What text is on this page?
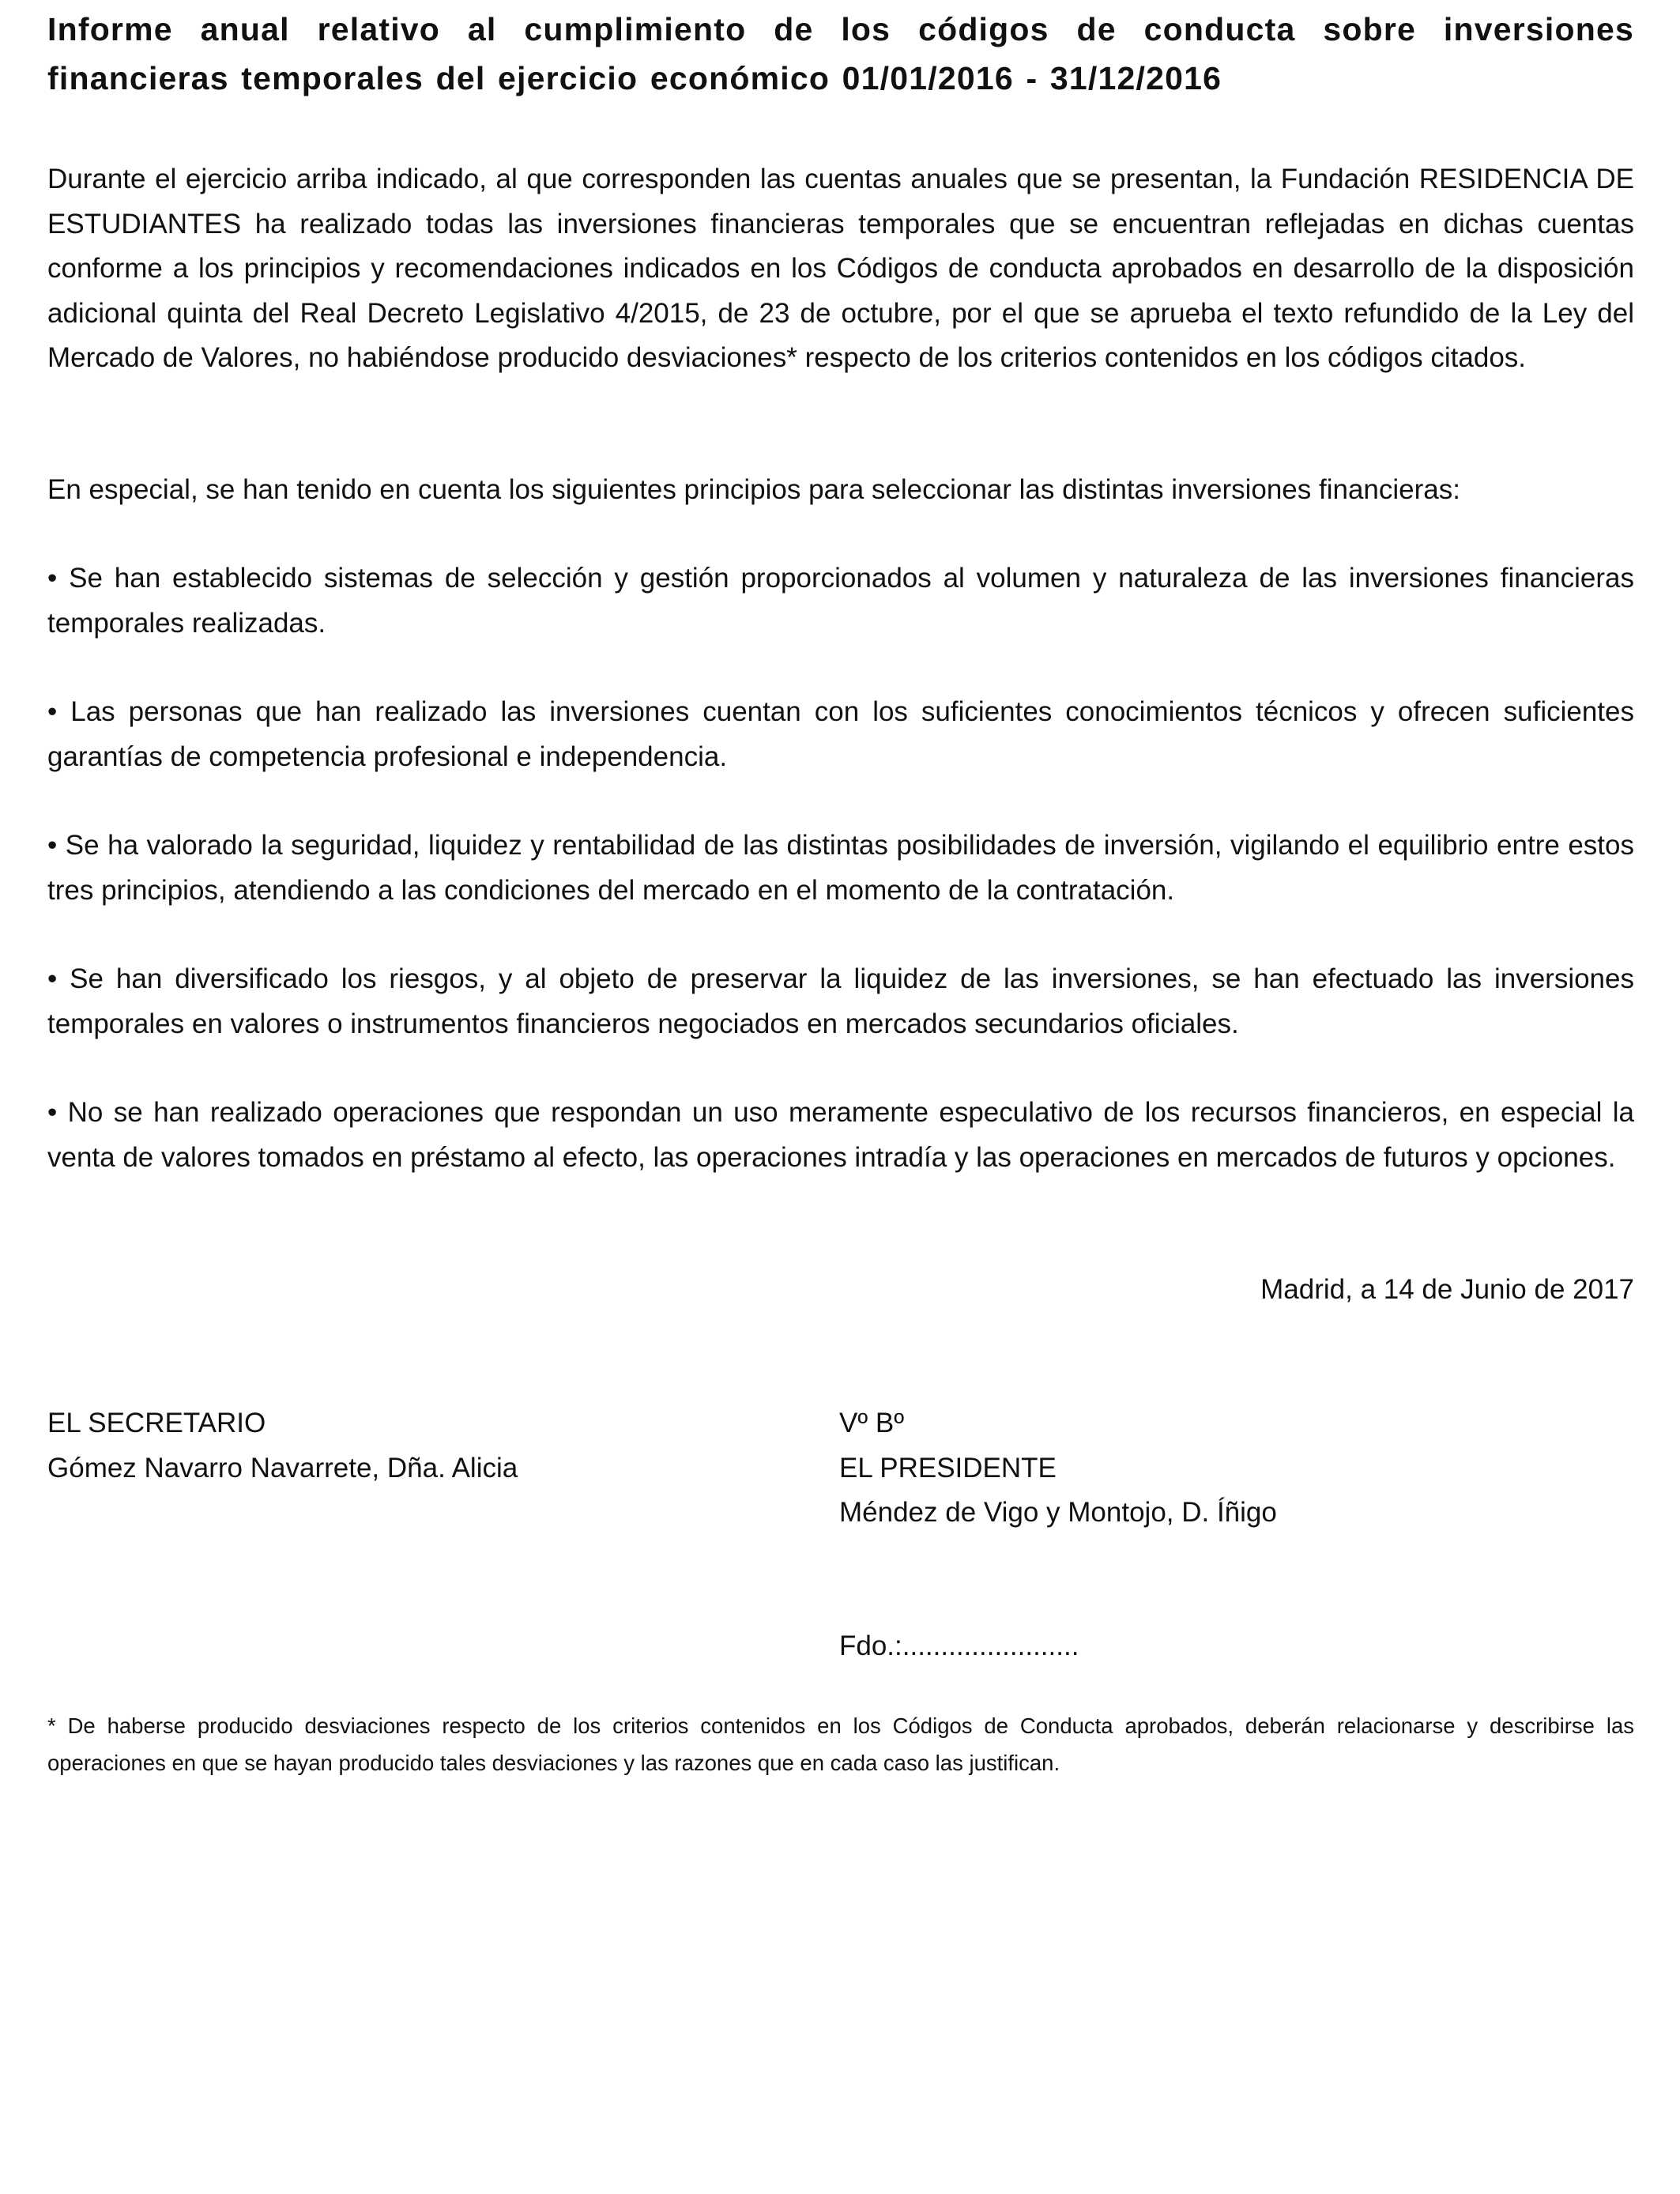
Informe anual relativo al cumplimiento de los códigos de conducta sobre inversiones financieras temporales del ejercicio económico 01/01/2016 - 31/12/2016

Durante el ejercicio arriba indicado, al que corresponden las cuentas anuales que se presentan, la Fundación RESIDENCIA DE ESTUDIANTES ha realizado todas las inversiones financieras temporales que se encuentran reflejadas en dichas cuentas conforme a los principios y recomendaciones indicados en los Códigos de conducta aprobados en desarrollo de la disposición adicional quinta del Real Decreto Legislativo 4/2015, de 23 de octubre, por el que se aprueba el texto refundido de la Ley del Mercado de Valores, no habiéndose producido desviaciones* respecto de los criterios contenidos en los códigos citados.

En especial, se han tenido en cuenta los siguientes principios para seleccionar las distintas inversiones financieras:

• Se han establecido sistemas de selección y gestión proporcionados al volumen y naturaleza de las inversiones financieras temporales realizadas.

• Las personas que han realizado las inversiones cuentan con los suficientes conocimientos técnicos y ofrecen suficientes garantías de competencia profesional e independencia.

• Se ha valorado la seguridad, liquidez y rentabilidad de las distintas posibilidades de inversión, vigilando el equilibrio entre estos tres principios, atendiendo a las condiciones del mercado en el momento de la contratación.

• Se han diversificado los riesgos, y al objeto de preservar la liquidez de las inversiones, se han efectuado las inversiones temporales en valores o instrumentos financieros negociados en mercados secundarios oficiales.

• No se han realizado operaciones que respondan un uso meramente especulativo de los recursos financieros, en especial la venta de valores tomados en préstamo al efecto, las operaciones intradía y las operaciones en mercados de futuros y opciones.

Madrid, a 14 de Junio de 2017

EL SECRETARIO
Gómez Navarro Navarrete, Dña. Alicia
Vº Bº
EL PRESIDENTE
Méndez de Vigo y Montojo, D. Íñigo
Fdo.:.......................

* De haberse producido desviaciones respecto de los criterios contenidos en los Códigos de Conducta aprobados, deberán relacionarse y describirse las operaciones en que se hayan producido tales desviaciones y las razones que en cada caso las justifican.
